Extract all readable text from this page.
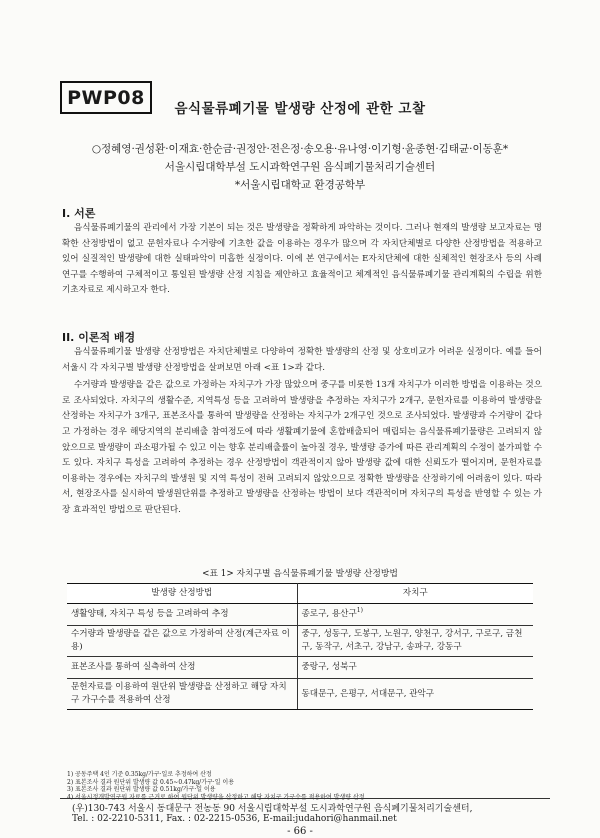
PWP08
음식물류폐기물 발생량 산정에 관한 고찰
○정혜영·권성환·이재효·한순금·권정안·전은정·송오용·유나영·이기형·윤종현·김태균·이동훈*
서울시립대학부설 도시과학연구원 음식폐기물처리기술센터
*서울시립대학교 환경공학부
I. 서론

음식물류폐기물의 관리에서 가장 기본이 되는 것은 발생량을 정확하게 파악하는 것이다. 그러나 현재의 발생량 보고자료는 명확한 산정방법이 없고 문헌자료나 수거량에 기초한 값을 이용하는 경우가 많으며 각 자치단체별로 다양한 산정방법을 적용하고 있어 실질적인 발생량에 대한 실태파악이 미흡한 실정이다. 이에 본 연구에서는 E자치단체에 대한 실체적인 현장조사 등의 사례연구를 수행하여 구체적이고 통일된 발생량 산정 지침을 제안하고 효율적이고 체계적인 음식물류폐기물 관리계획의 수립을 위한 기초자료로 제시하고자 한다.

II. 이론적 배경

음식물류폐기물 발생량 산정방법은 자치단체별로 다양하여 정확한 발생량의 산정 및 상호비교가 어려운 실정이다. 예를 들어 서울시 각 자치구별 발생량 산정방법을 살펴보면 아래 <표 1>과 같다.

수거량과 발생량을 같은 값으로 가정하는 자치구가 가장 많았으며 중구를 비롯한 13개 자치구가 이러한 방법을 이용하는 것으로 조사되었다. 자치구의 생활수준, 지역특성 등을 고려하여 발생량을 추정하는 자치구가 2개구, 문헌자료를 이용하여 발생량을 산정하는 자치구가 3개구, 표본조사를 통하여 발생량을 산정하는 자치구가 2개구인 것으로 조사되었다. 발생량과 수거량이 같다고 가정하는 경우 해당지역의 분리배출 참여정도에 따라 생활폐기물에 혼합배출되어 매립되는 음식물류폐기물량은 고려되지 않았으므로 발생량이 과소평가될 수 있고 이는 향후 분리배출률이 높아질 경우, 발생량 증가에 따른 관리계획의 수정이 불가피할 수도 있다. 자치구 특성을 고려하여 추정하는 경우 산정방법이 객관적이지 않아 발생량 값에 대한 신뢰도가 떨어지며, 문헌자료를 이용하는 경우에는 자치구의 발생원 및 지역 특성이 전혀 고려되지 않았으므로 정확한 발생량을 산정하기에 어려움이 있다. 따라서, 현장조사를 실시하여 발생원단위를 추정하고 발생량을 산정하는 방법이 보다 객관적이며 자치구의 특성을 반영할 수 있는 가장 효과적인 방법으로 판단된다.

<표 1> 자치구별 음식물류폐기물 발생량 산정방법
발생량 산정방법	자치구
생활양태, 자치구 특성 등을 고려하여 추정	종로구, 용산구$^{1)}$
수거량과 발생량을 같은 값으로 가정하여 산정(계근자료 이용)	중구, 성동구, 도봉구, 노원구, 양천구, 강서구, 구로구, 금천구, 동작구, 서초구, 강남구, 송파구, 강동구
표본조사를 통하여 실측하여 산정	중랑구, 성북구
문헌자료를 이용하여 원단위 발생량을 산정하고 해당 자치구 가구수를 적용하여 산정	동대문구, 은평구, 서대문구, 관악구
1) 공동주택 4인 기준 0.35kg/가구·일로 추정하여 산정
2) 표본조사 결과 원단위 발생량 값 0.45~0.47kg/가구·일 이용
3) 표본조사 결과 원단위 발생량 값 0.51kg/가구·일 이용
4) 서울시정개발연구원 자료를 근거로 하여 원단위 발생량을 산정하고 해당 자치구 가구수를 적용하여 발생량 산정
(우)130-743 서울시 동대문구 전농동 90 서울시립대학부설 도시과학연구원 음식폐기물처리기술센터,
Tel. : 02-2210-5311, Fax. : 02-2215-0536, E-mail:judahori@hanmail.net
- 66 -
